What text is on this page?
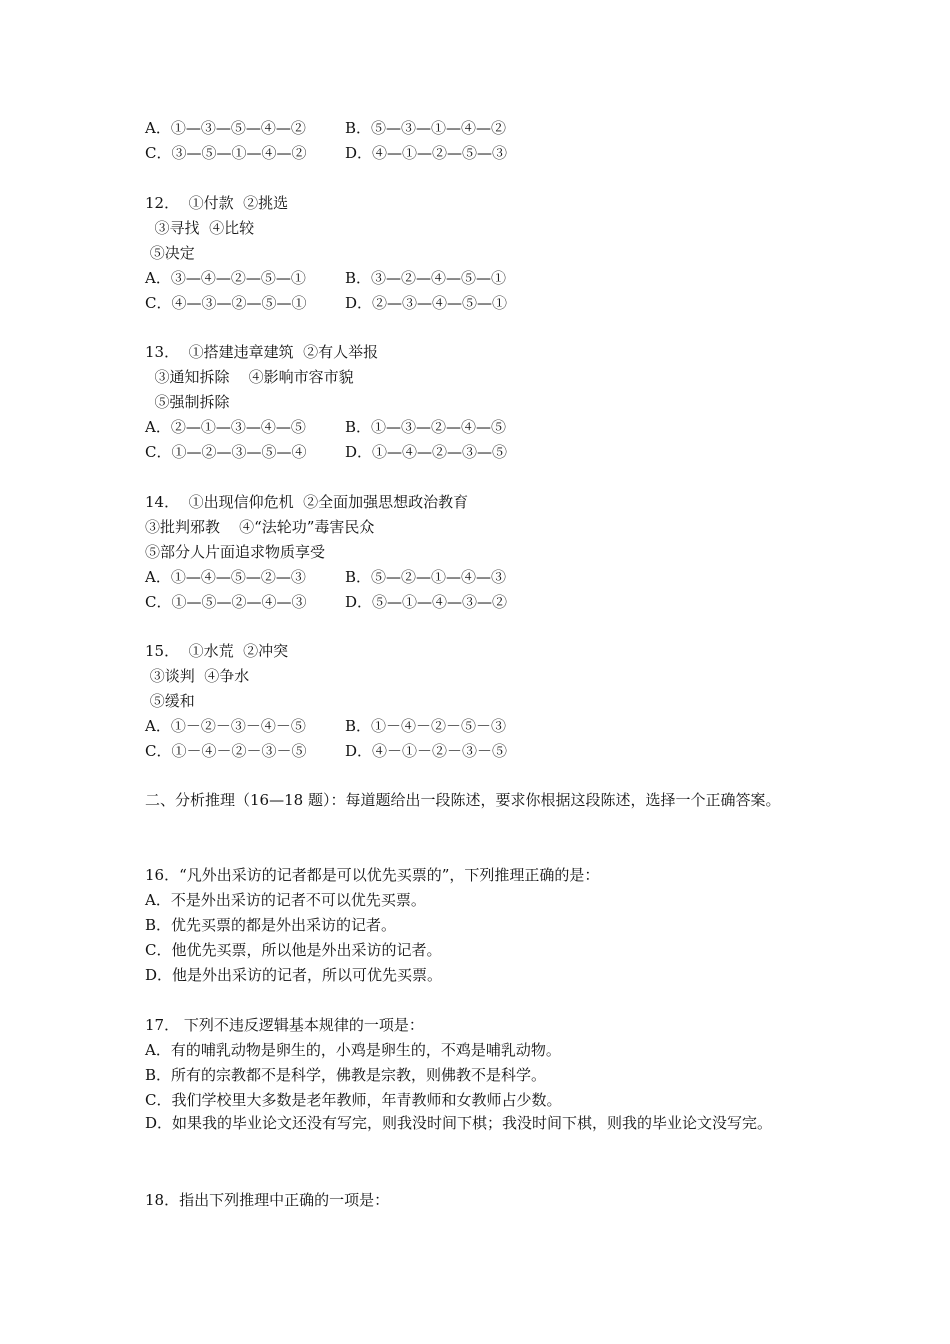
A．①—③—⑤—④—②	B．⑤—③—①—④—②
C．③—⑤—①—④—②	D．④—①—②—⑤—③
12．  ①付款  ②挑选
③寻找  ④比较
⑤决定
A．③—④—②—⑤—①	B．③—②—④—⑤—①
C．④—③—②—⑤—①	D．②—③—④—⑤—①
13．  ①搭建违章建筑  ②有人举报
③通知拆除    ④影响市容市貌
⑤强制拆除
A．②—①—③—④—⑤	B．①—③—②—④—⑤
C．①—②—③—⑤—④	D．①—④—②—③—⑤
14．  ①出现信仰危机  ②全面加强思想政治教育
③批判邪教    ④“法轮功”毒害民众
⑤部分人片面追求物质享受
A．①—④—⑤—②—③	B．⑤—②—①—④—③
C．①—⑤—②—④—③	D．⑤—①—④—③—②
15．  ①水荒  ②冲突
③谈判  ④争水
⑤缓和
A．①－②－③－④－⑤	B．①－④－②－⑤－③
C．①－④－②－③－⑤	D．④－①－②－③－⑤
二、分析推理（16—18 题）：每道题给出一段陈述，要求你根据这段陈述，选择一个正确答案。
16．“凡外出采访的记者都是可以优先买票的”，下列推理正确的是：
A．不是外出采访的记者不可以优先买票。
B．优先买票的都是外出采访的记者。
C．他优先买票，所以他是外出采访的记者。
D．他是外出采访的记者，所以可优先买票。
17． 下列不违反逻辑基本规律的一项是：
A．有的哺乳动物是卵生的，小鸡是卵生的，不鸡是哺乳动物。
B．所有的宗教都不是科学，佛教是宗教，则佛教不是科学。
C．我们学校里大多数是老年教师，年青教师和女教师占少数。
D．如果我的毕业论文还没有写完，则我没时间下棋；我没时间下棋，则我的毕业论文没写完。
18．指出下列推理中正确的一项是：
